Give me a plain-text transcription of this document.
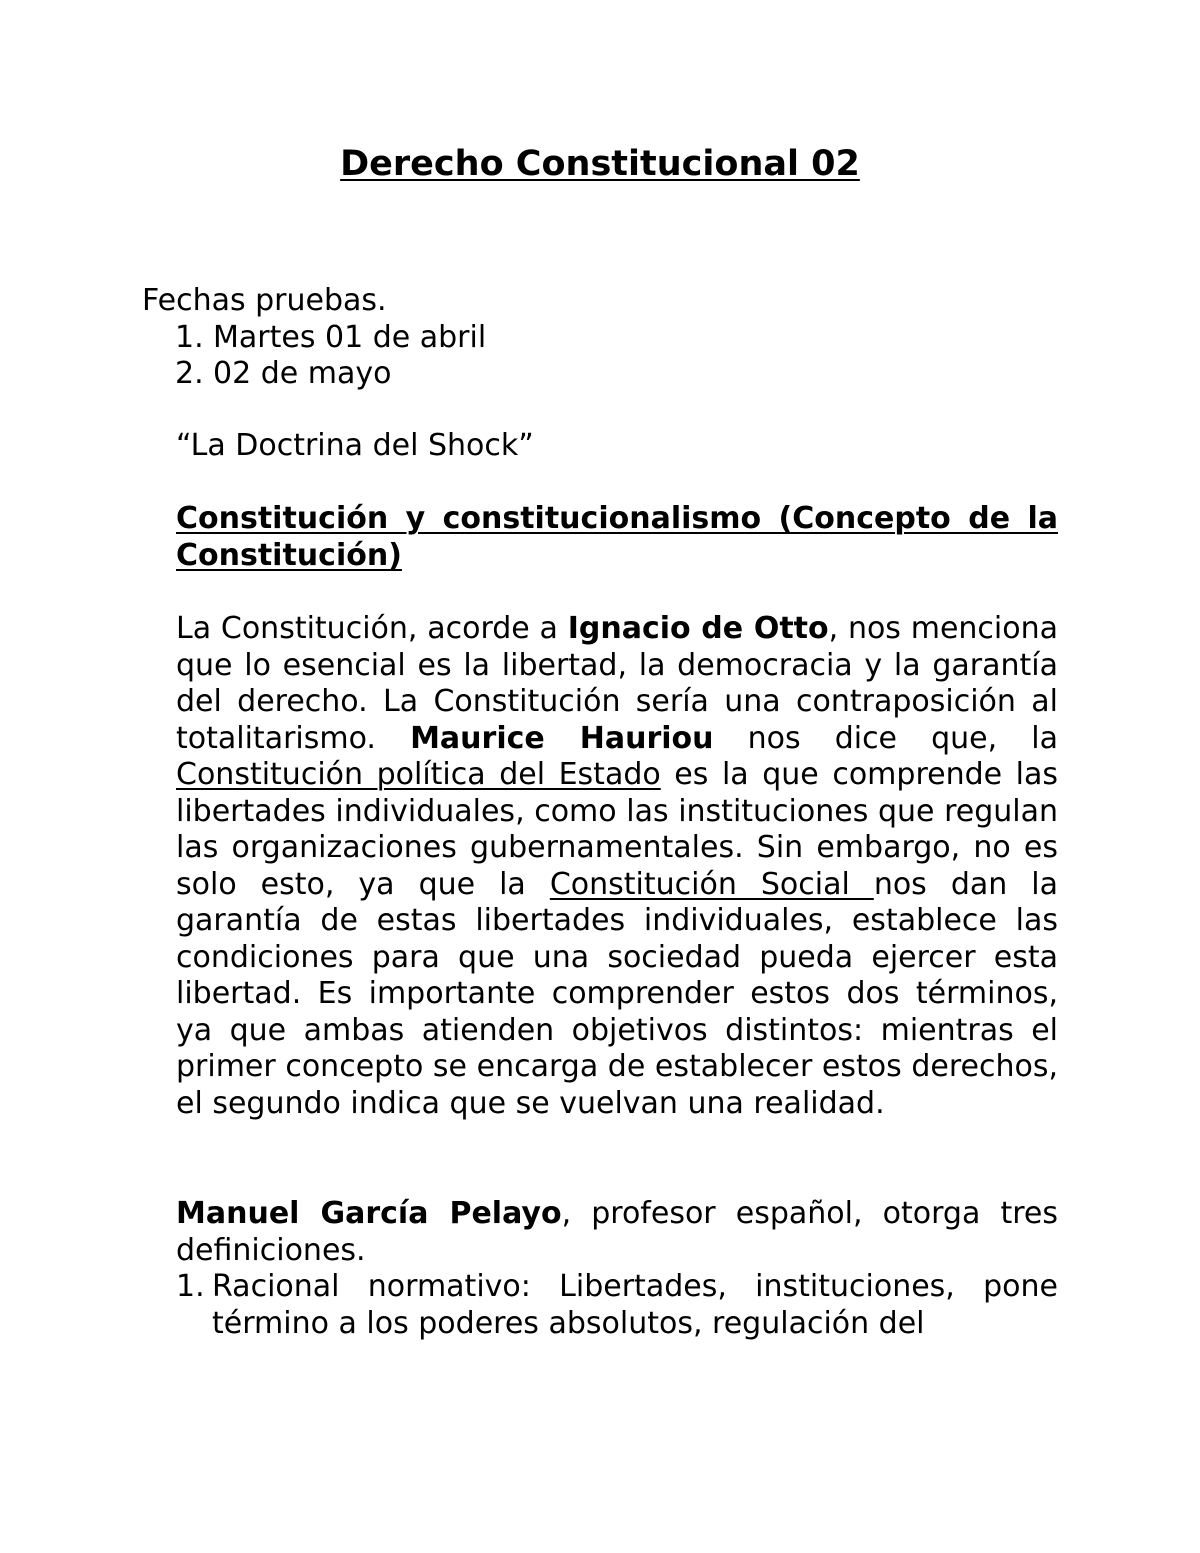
Derecho Constitucional 02
Fechas pruebas.
1. Martes 01 de abril
2. 02 de mayo
“La Doctrina del Shock”
Constitución y constitucionalismo (Concepto de la Constitución)
La Constitución, acorde a Ignacio de Otto, nos menciona que lo esencial es la libertad, la democracia y la garantía del derecho. La Constitución sería una contraposición al totalitarismo. Maurice Hauriou nos dice que, la Constitución política del Estado es la que comprende las libertades individuales, como las instituciones que regulan las organizaciones gubernamentales. Sin embargo, no es solo esto, ya que la Constitución Social nos dan la garantía de estas libertades individuales, establece las condiciones para que una sociedad pueda ejercer esta libertad. Es importante comprender estos dos términos, ya que ambas atienden objetivos distintos: mientras el primer concepto se encarga de establecer estos derechos, el segundo indica que se vuelvan una realidad.
Manuel García Pelayo, profesor español, otorga tres definiciones.
1. Racional normativo: Libertades, instituciones, pone término a los poderes absolutos, regulación del
